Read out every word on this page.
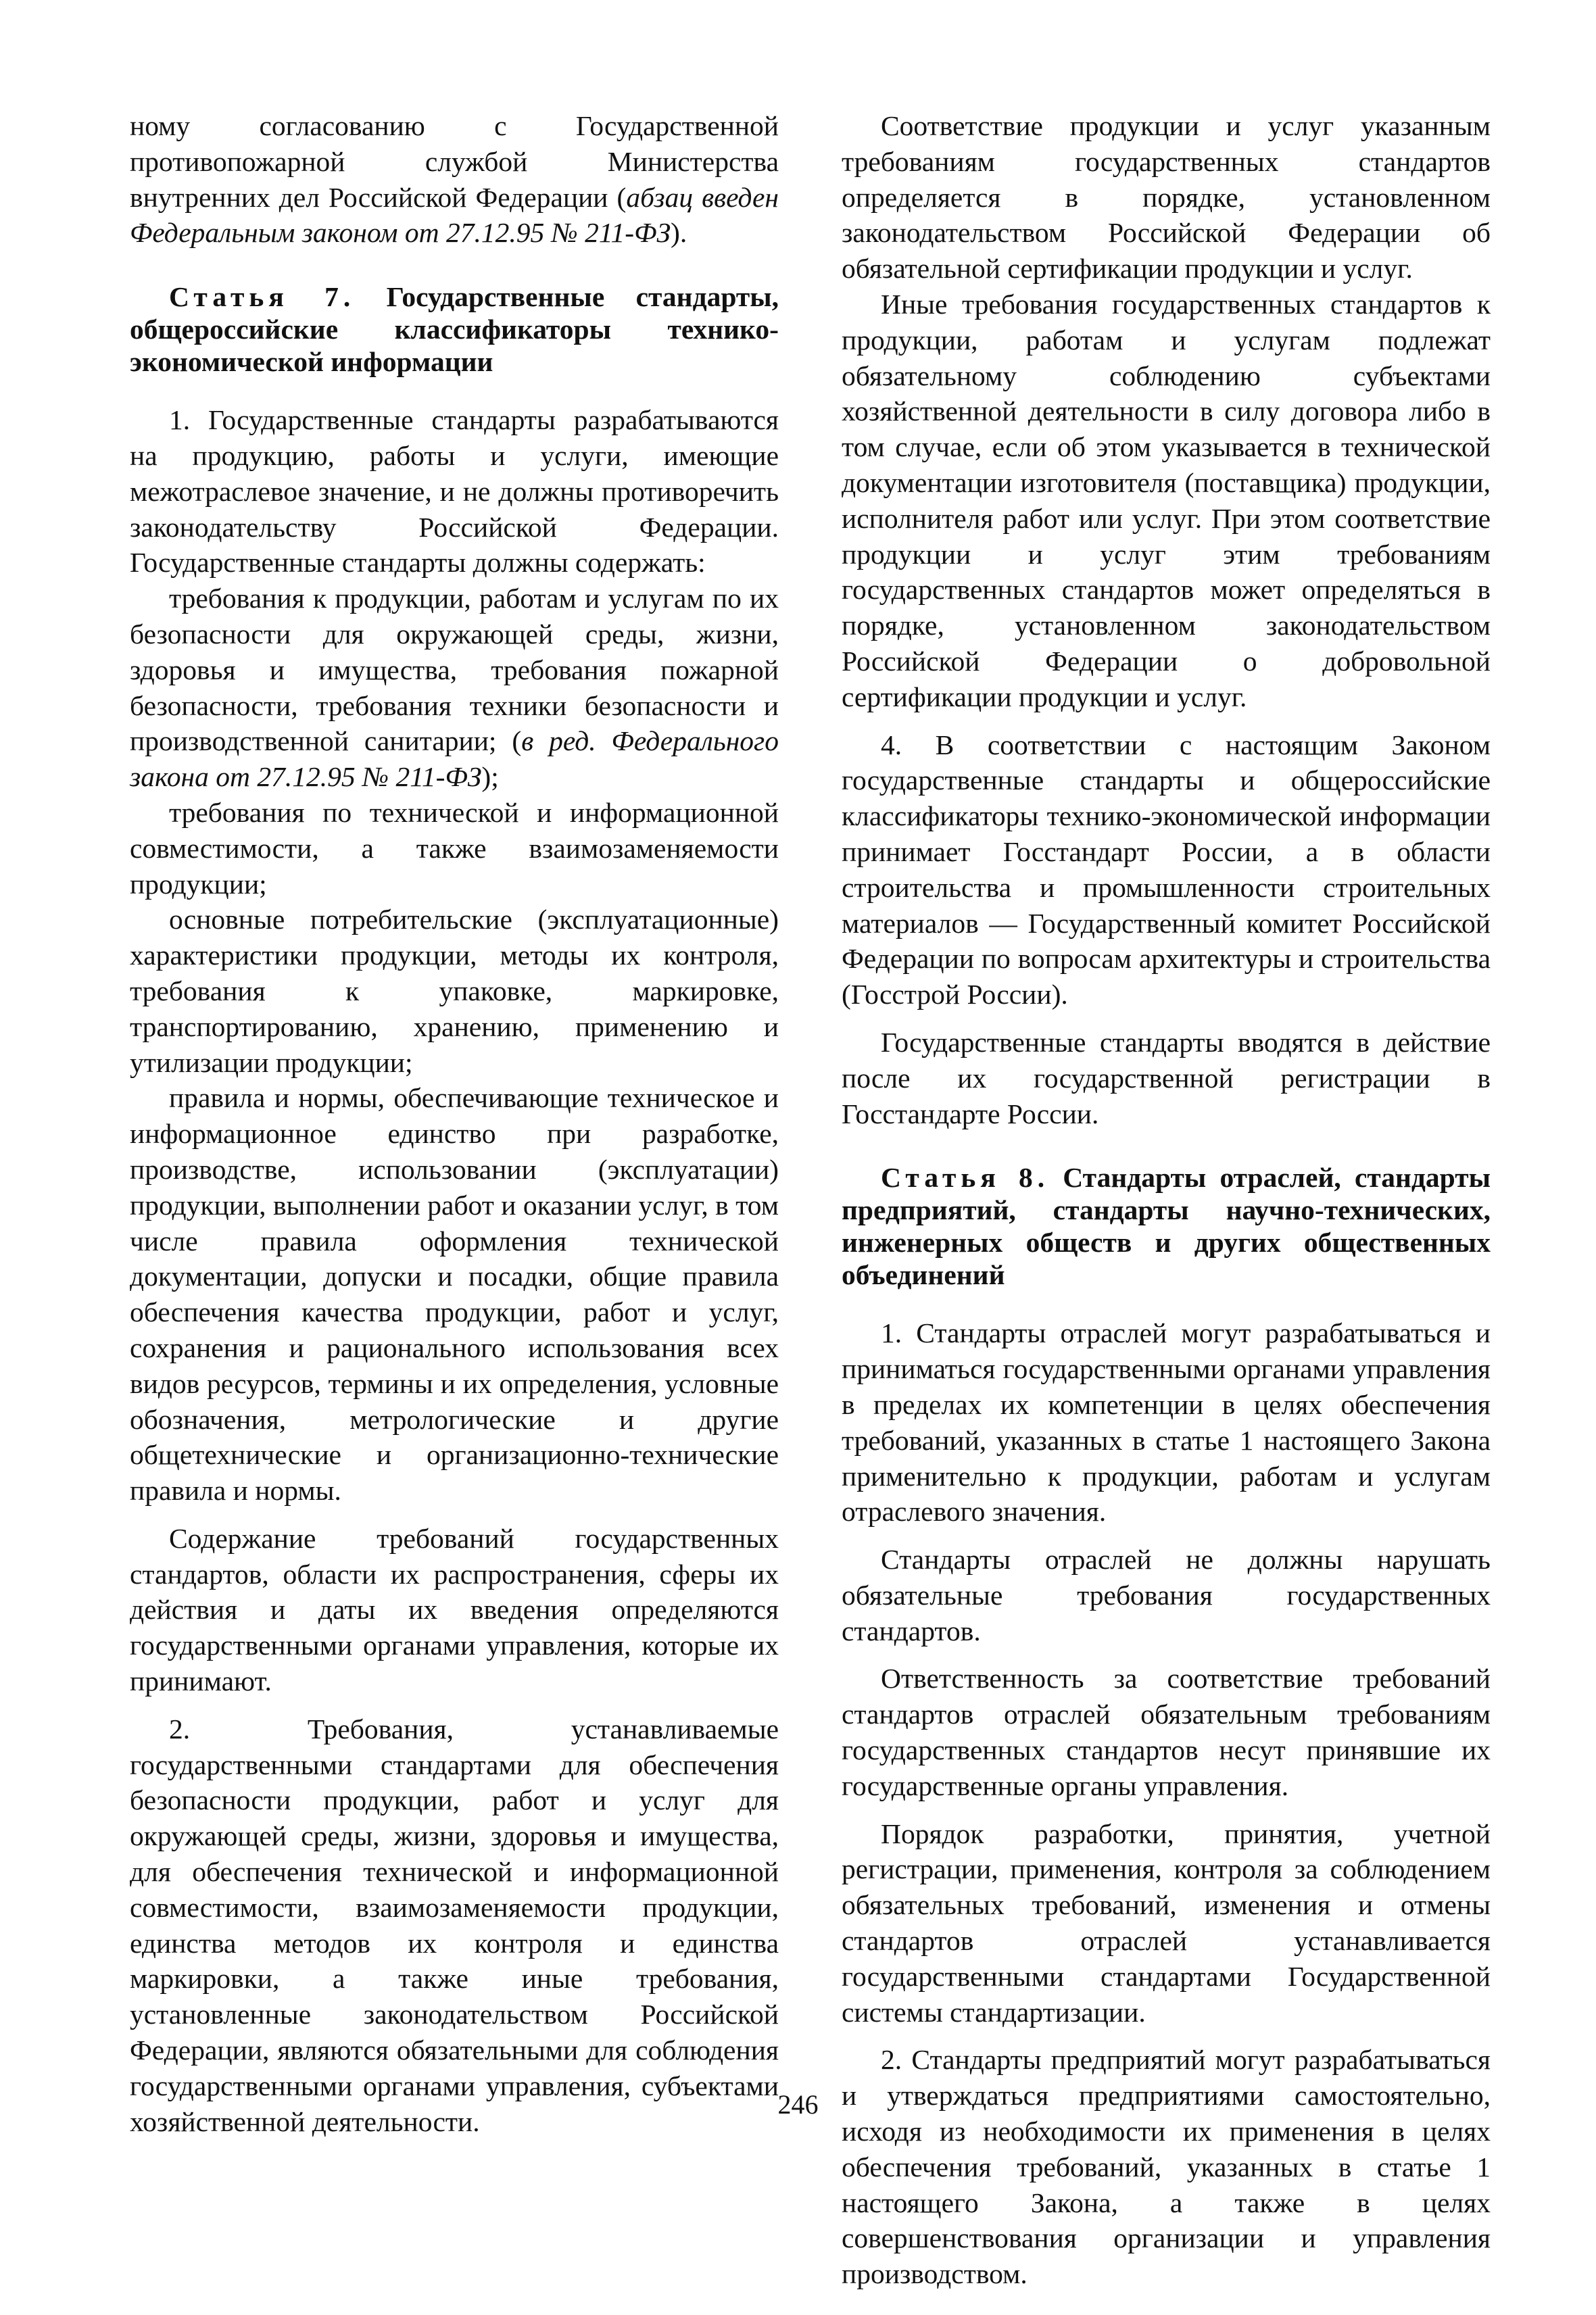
ному согласованию с Государственной противопожарной службой Министерства внутренних дел Российской Федерации (абзац введен Федеральным законом от 27.12.95 № 211-ФЗ).

Статья 7. Государственные стандарты, общероссийские классификаторы технико-экономической информации

1. Государственные стандарты разрабатываются на продукцию, работы и услуги, имеющие межотраслевое значение, и не должны противоречить законодательству Российской Федерации. Государственные стандарты должны содержать:

требования к продукции, работам и услугам по их безопасности для окружающей среды, жизни, здоровья и имущества, требования пожарной безопасности, требования техники безопасности и производственной санитарии; (в ред. Федерального закона от 27.12.95 № 211-ФЗ);

требования по технической и информационной совместимости, а также взаимозаменяемости продукции;

основные потребительские (эксплуатационные) характеристики продукции, методы их контроля, требования к упаковке, маркировке, транспортированию, хранению, применению и утилизации продукции;

правила и нормы, обеспечивающие техническое и информационное единство при разработке, производстве, использовании (эксплуатации) продукции, выполнении работ и оказании услуг, в том числе правила оформления технической документации, допуски и посадки, общие правила обеспечения качества продукции, работ и услуг, сохранения и рационального использования всех видов ресурсов, термины и их определения, условные обозначения, метрологические и другие общетехнические и организационно-технические правила и нормы.

Содержание требований государственных стандартов, области их распространения, сферы их действия и даты их введения определяются государственными органами управления, которые их принимают.

2. Требования, устанавливаемые государственными стандартами для обеспечения безопасности продукции, работ и услуг для окружающей среды, жизни, здоровья и имущества, для обеспечения технической и информационной совместимости, взаимозаменяемости продукции, единства методов их контроля и единства маркировки, а также иные требования, установленные законодательством Российской Федерации, являются обязательными для соблюдения государственными органами управления, субъектами хозяйственной деятельности.

Соответствие продукции и услуг указанным требованиям государственных стандартов определяется в порядке, установленном законодательством Российской Федерации об обязательной сертификации продукции и услуг.

Иные требования государственных стандартов к продукции, работам и услугам подлежат обязательному соблюдению субъектами хозяйственной деятельности в силу договора либо в том случае, если об этом указывается в технической документации изготовителя (поставщика) продукции, исполнителя работ или услуг. При этом соответствие продукции и услуг этим требованиям государственных стандартов может определяться в порядке, установленном законодательством Российской Федерации о добровольной сертификации продукции и услуг.

4. В соответствии с настоящим Законом государственные стандарты и общероссийские классификаторы технико-экономической информации принимает Госстандарт России, а в области строительства и промышленности строительных материалов — Государственный комитет Российской Федерации по вопросам архитектуры и строительства (Госстрой России).

Государственные стандарты вводятся в действие после их государственной регистрации в Госстандарте России.

Статья 8. Стандарты отраслей, стандарты предприятий, стандарты научно-технических, инженерных обществ и других общественных объединений

1. Стандарты отраслей могут разрабатываться и приниматься государственными органами управления в пределах их компетенции в целях обеспечения требований, указанных в статье 1 настоящего Закона применительно к продукции, работам и услугам отраслевого значения.

Стандарты отраслей не должны нарушать обязательные требования государственных стандартов.

Ответственность за соответствие требований стандартов отраслей обязательным требованиям государственных стандартов несут принявшие их государственные органы управления.

Порядок разработки, принятия, учетной регистрации, применения, контроля за соблюдением обязательных требований, изменения и отмены стандартов отраслей устанавливается государственными стандартами Государственной системы стандартизации.

2. Стандарты предприятий могут разрабатываться и утверждаться предприятиями самостоятельно, исходя из необходимости их применения в целях обеспечения требований, указанных в статье 1 настоящего Закона, а также в целях совершенствования организации и управления производством.

246
